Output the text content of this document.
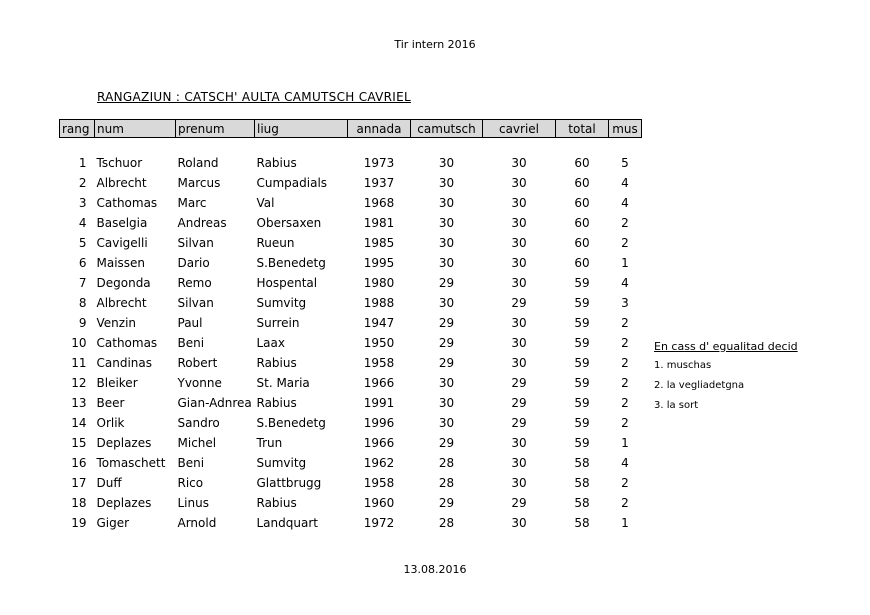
Tir intern 2016
RANGAZIUN : CATSCH' AULTA CAMUTSCH CAVRIEL
rang	num	prenum	liug	annada	camutsch	cavriel	total	mus

1	Tschuor	Roland	Rabius	1973	30	30	60	5
2	Albrecht	Marcus	Cumpadials	1937	30	30	60	4
3	Cathomas	Marc	Val	1968	30	30	60	4
4	Baselgia	Andreas	Obersaxen	1981	30	30	60	2
5	Cavigelli	Silvan	Rueun	1985	30	30	60	2
6	Maissen	Dario	S.Benedetg	1995	30	30	60	1
7	Degonda	Remo	Hospental	1980	29	30	59	4
8	Albrecht	Silvan	Sumvitg	1988	30	29	59	3
9	Venzin	Paul	Surrein	1947	29	30	59	2
10	Cathomas	Beni	Laax	1950	29	30	59	2
11	Candinas	Robert	Rabius	1958	29	30	59	2
12	Bleiker	Yvonne	St. Maria	1966	30	29	59	2
13	Beer	Gian-Adnrea	Rabius	1991	30	29	59	2
14	Orlik	Sandro	S.Benedetg	1996	30	29	59	2
15	Deplazes	Michel	Trun	1966	29	30	59	1
16	Tomaschett	Beni	Sumvitg	1962	28	30	58	4
17	Duff	Rico	Glattbrugg	1958	28	30	58	2
18	Deplazes	Linus	Rabius	1960	29	29	58	2
19	Giger	Arnold	Landquart	1972	28	30	58	1
En cass d' egualitad decid
1. muschas
2. la vegliadetgna
3. la sort
13.08.2016
